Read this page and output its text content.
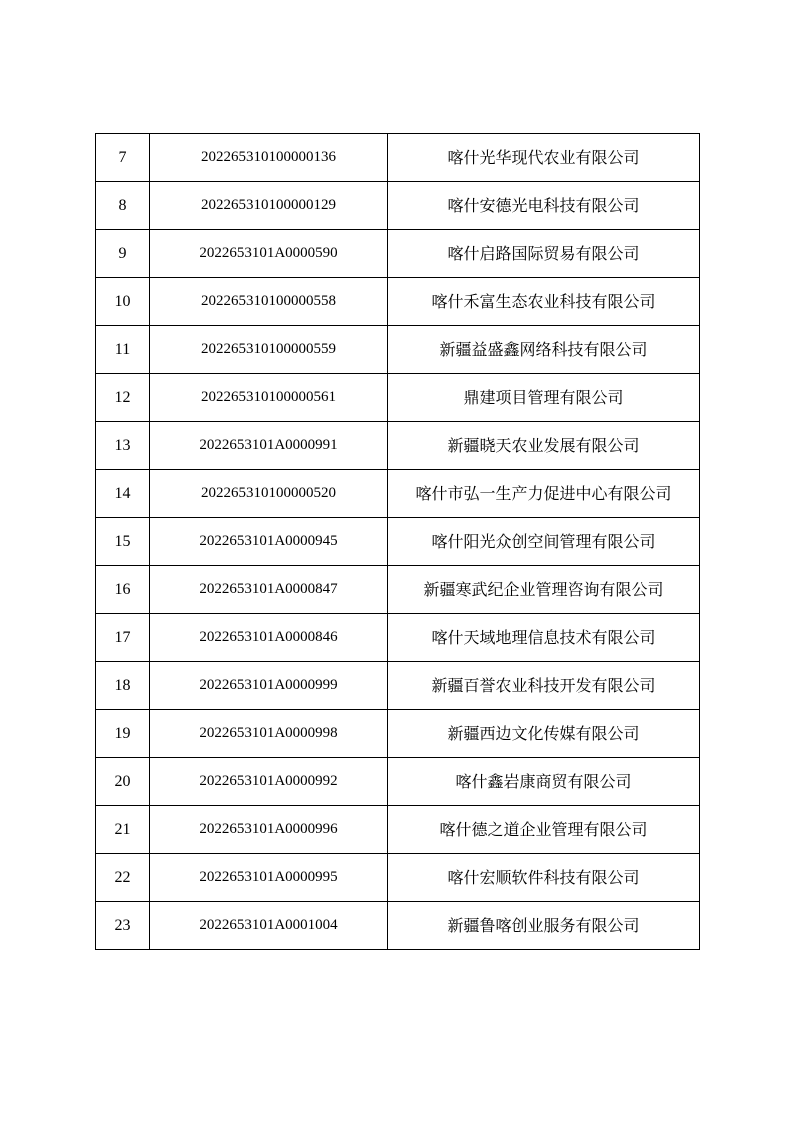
7	202265310100000136	喀什光华现代农业有限公司
8	202265310100000129	喀什安德光电科技有限公司
9	2022653101A0000590	喀什启路国际贸易有限公司
10	202265310100000558	喀什禾富生态农业科技有限公司
11	202265310100000559	新疆益盛鑫网络科技有限公司
12	202265310100000561	鼎建项目管理有限公司
13	2022653101A0000991	新疆晓天农业发展有限公司
14	202265310100000520	喀什市弘一生产力促进中心有限公司
15	2022653101A0000945	喀什阳光众创空间管理有限公司
16	2022653101A0000847	新疆寒武纪企业管理咨询有限公司
17	2022653101A0000846	喀什天域地理信息技术有限公司
18	2022653101A0000999	新疆百誉农业科技开发有限公司
19	2022653101A0000998	新疆西边文化传媒有限公司
20	2022653101A0000992	喀什鑫岩康商贸有限公司
21	2022653101A0000996	喀什德之道企业管理有限公司
22	2022653101A0000995	喀什宏顺软件科技有限公司
23	2022653101A0001004	新疆鲁喀创业服务有限公司
